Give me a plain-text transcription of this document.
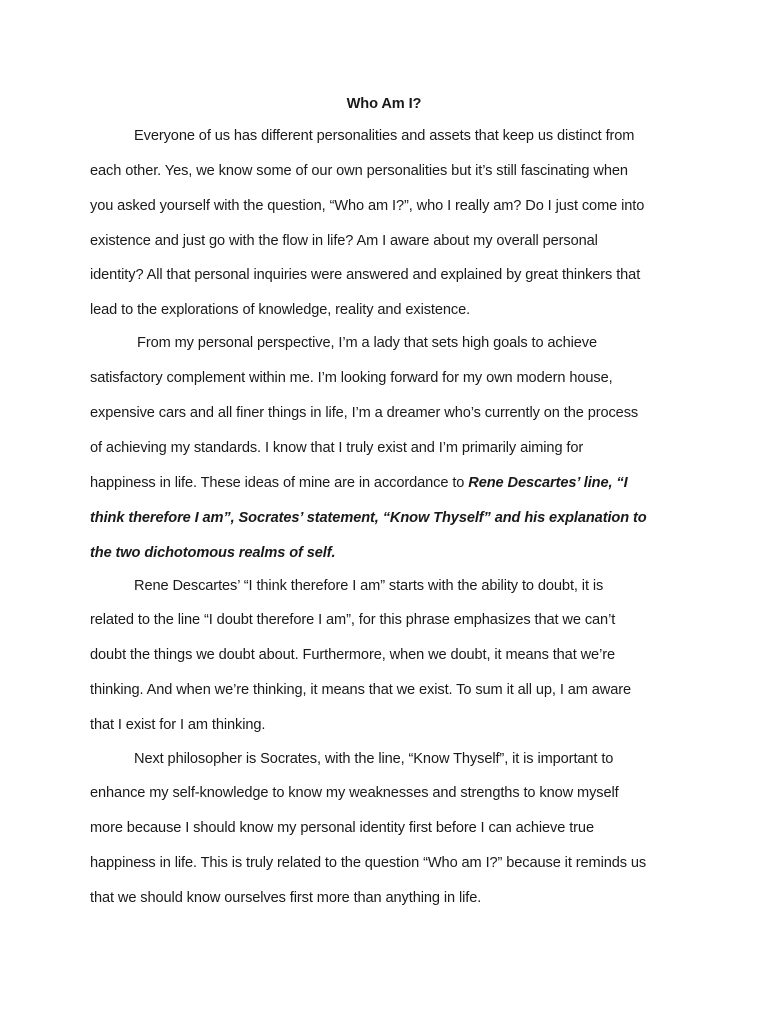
Who Am I?
Everyone of us has different personalities and assets that keep us distinct from
each other. Yes, we know some of our own personalities but it’s still fascinating when
you asked yourself with the question, “Who am I?”, who I really am? Do I just come into
existence and just go with the flow in life? Am I aware about my overall personal
identity? All that personal inquiries were answered and explained by great thinkers that
lead to the explorations of knowledge, reality and existence.
From my personal perspective, I’m a lady that sets high goals to achieve
satisfactory complement within me. I’m looking forward for my own modern house,
expensive cars and all finer things in life, I’m a dreamer who’s currently on the process
of achieving my standards. I know that I truly exist and I’m primarily aiming for
happiness in life. These ideas of mine are in accordance to Rene Descartes’ line, “I
think therefore I am”, Socrates’ statement, “Know Thyself” and his explanation to
the two dichotomous realms of self.
Rene Descartes’ “I think therefore I am” starts with the ability to doubt, it is
related to the line “I doubt therefore I am”, for this phrase emphasizes that we can’t
doubt the things we doubt about. Furthermore, when we doubt, it means that we’re
thinking. And when we’re thinking, it means that we exist. To sum it all up, I am aware
that I exist for I am thinking.
Next philosopher is Socrates, with the line, “Know Thyself”, it is important to
enhance my self-knowledge to know my weaknesses and strengths to know myself
more because I should know my personal identity first before I can achieve true
happiness in life. This is truly related to the question “Who am I?” because it reminds us
that we should know ourselves first more than anything in life.
